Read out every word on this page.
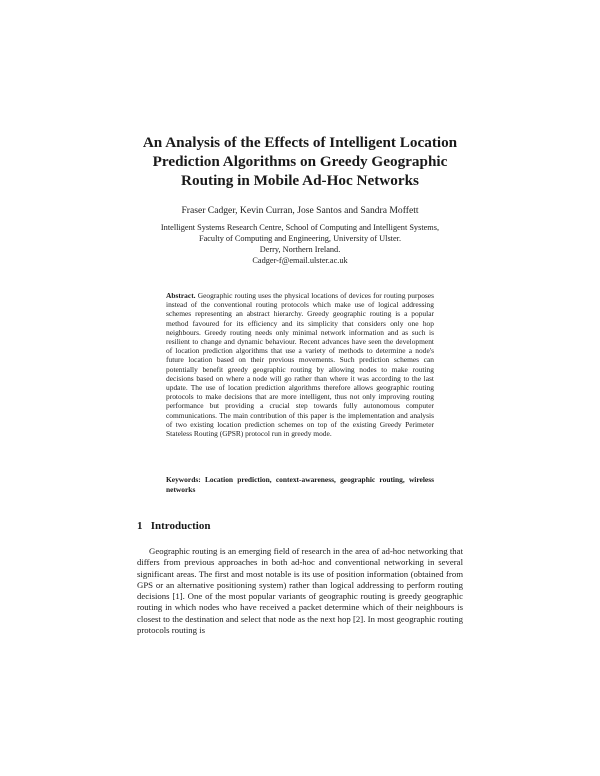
An Analysis of the Effects of Intelligent Location
Prediction Algorithms on Greedy Geographic
Routing in Mobile Ad-Hoc Networks
Fraser Cadger, Kevin Curran, Jose Santos and Sandra Moffett
Intelligent Systems Research Centre, School of Computing and Intelligent Systems,
Faculty of Computing and Engineering, University of Ulster.
Derry, Northern Ireland.
Cadger-f@email.ulster.ac.uk
Abstract. Geographic routing uses the physical locations of devices for routing purposes instead of the conventional routing protocols which make use of logical addressing schemes representing an abstract hierarchy. Greedy geographic routing is a popular method favoured for its efficiency and its simplicity that considers only one hop neighbours. Greedy routing needs only minimal network information and as such is resilient to change and dynamic behaviour. Recent advances have seen the development of location prediction algorithms that use a variety of methods to determine a node's future location based on their previous movements. Such prediction schemes can potentially benefit greedy geographic routing by allowing nodes to make routing decisions based on where a node will go rather than where it was according to the last update. The use of location prediction algorithms therefore allows geographic routing protocols to make decisions that are more intelligent, thus not only improving routing performance but providing a crucial step towards fully autonomous computer communications. The main contribution of this paper is the implementation and analysis of two existing location prediction schemes on top of the existing Greedy Perimeter Stateless Routing (GPSR) protocol run in greedy mode.
Keywords: Location prediction, context-awareness, geographic routing, wireless networks
1 Introduction
Geographic routing is an emerging field of research in the area of ad-hoc networking that differs from previous approaches in both ad-hoc and conventional networking in several significant areas. The first and most notable is its use of position information (obtained from GPS or an alternative positioning system) rather than logical addressing to perform routing decisions [1]. One of the most popular variants of geographic routing is greedy geographic routing in which nodes who have received a packet determine which of their neighbours is closest to the destination and select that node as the next hop [2]. In most geographic routing protocols routing is
